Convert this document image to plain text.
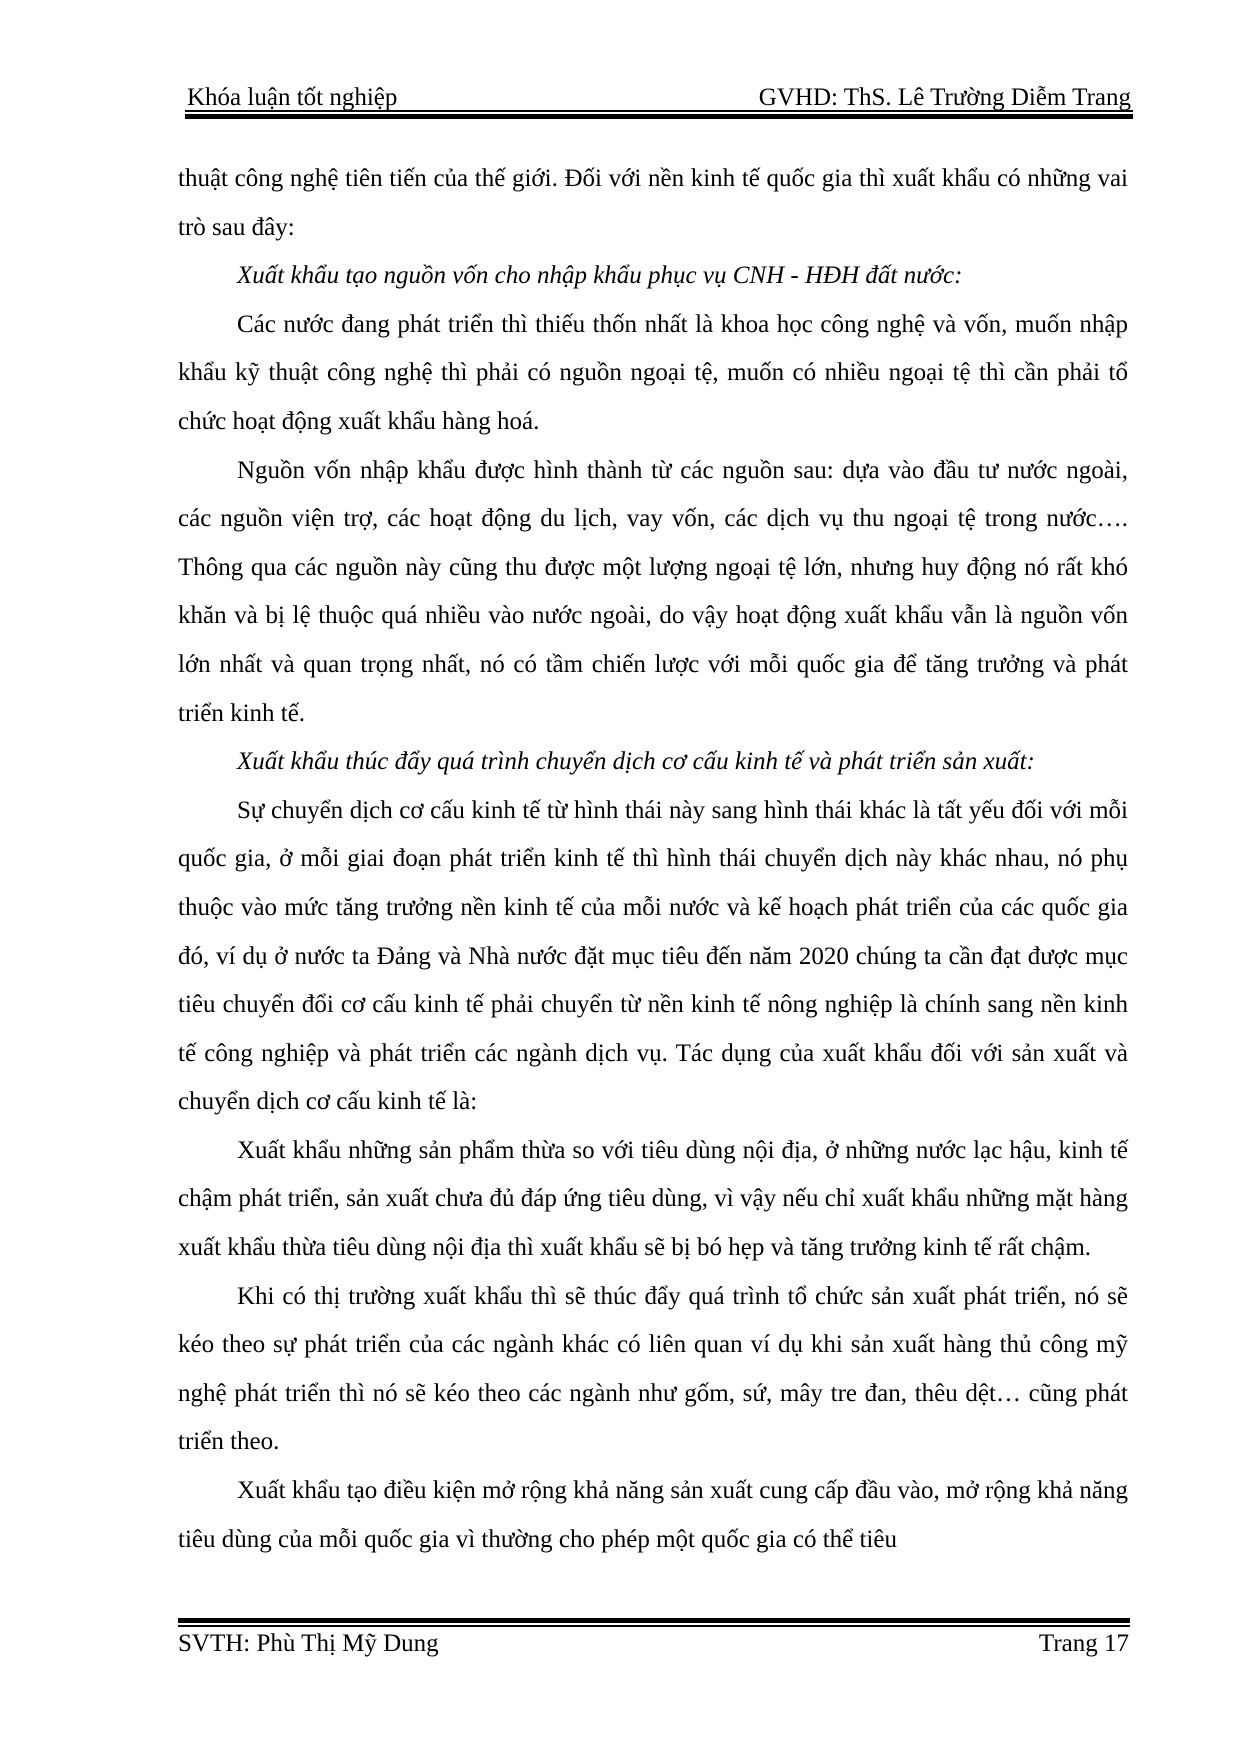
Khóa luận tốt nghiệp	GVHD: ThS. Lê Trường Diễm Trang

thuật công nghệ tiên tiến của thế giới. Đối với nền kinh tế quốc gia thì xuất khẩu có những vai trò sau đây:

Xuất khẩu tạo nguồn vốn cho nhập khẩu phục vụ CNH - HĐH đất nước:

Các nước đang phát triển thì thiếu thốn nhất là khoa học công nghệ và vốn, muốn nhập khẩu kỹ thuật công nghệ thì phải có nguồn ngoại tệ, muốn có nhiều ngoại tệ thì cần phải tổ chức hoạt động xuất khẩu hàng hoá.

Nguồn vốn nhập khẩu được hình thành từ các nguồn sau: dựa vào đầu tư nước ngoài, các nguồn viện trợ, các hoạt động du lịch, vay vốn, các dịch vụ thu ngoại tệ trong nước…. Thông qua các nguồn này cũng thu được một lượng ngoại tệ lớn, nhưng huy động nó rất khó khăn và bị lệ thuộc quá nhiều vào nước ngoài, do vậy hoạt động xuất khẩu vẫn là nguồn vốn lớn nhất và quan trọng nhất, nó có tầm chiến lược với mỗi quốc gia để tăng trưởng và phát triển kinh tế.

Xuất khẩu thúc đẩy quá trình chuyển dịch cơ cấu kinh tế và phát triển sản xuất:

Sự chuyển dịch cơ cấu kinh tế từ hình thái này sang hình thái khác là tất yếu đối với mỗi quốc gia, ở mỗi giai đoạn phát triển kinh tế thì hình thái chuyển dịch này khác nhau, nó phụ thuộc vào mức tăng trưởng nền kinh tế của mỗi nước và kế hoạch phát triển của các quốc gia đó, ví dụ ở nước ta Đảng và Nhà nước đặt mục tiêu đến năm 2020 chúng ta cần đạt được mục tiêu chuyển đổi cơ cấu kinh tế phải chuyển từ nền kinh tế nông nghiệp là chính sang nền kinh tế công nghiệp và phát triển các ngành dịch vụ. Tác dụng của xuất khẩu đối với sản xuất và chuyển dịch cơ cấu kinh tế là:

Xuất khẩu những sản phẩm thừa so với tiêu dùng nội địa, ở những nước lạc hậu, kinh tế chậm phát triển, sản xuất chưa đủ đáp ứng tiêu dùng, vì vậy nếu chỉ xuất khẩu những mặt hàng xuất khẩu thừa tiêu dùng nội địa thì xuất khẩu sẽ bị bó hẹp và tăng trưởng kinh tế rất chậm.

Khi có thị trường xuất khẩu thì sẽ thúc đẩy quá trình tổ chức sản xuất phát triển, nó sẽ kéo theo sự phát triển của các ngành khác có liên quan ví dụ khi sản xuất hàng thủ công mỹ nghệ phát triển thì nó sẽ kéo theo các ngành như gốm, sứ, mây tre đan, thêu dệt… cũng phát triển theo.

Xuất khẩu tạo điều kiện mở rộng khả năng sản xuất cung cấp đầu vào, mở rộng khả năng tiêu dùng của mỗi quốc gia vì thường cho phép một quốc gia có thể tiêu

SVTH: Phù Thị Mỹ Dung	Trang 17
